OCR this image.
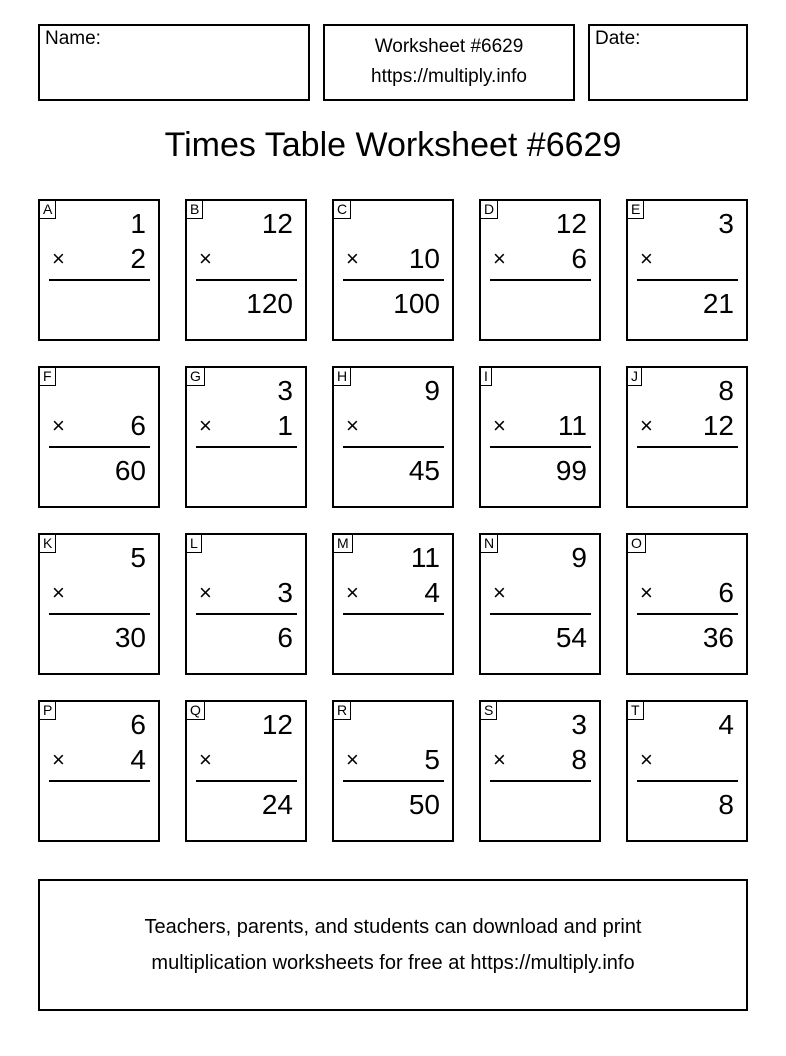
Name:	Worksheet #6629
https://multiply.info
Date:
Times Table Worksheet #6629
A	1
× 2
B 12
×
120
C
× 10
100
D 12
× 6
E	3
×
21
F
× 6
60
G	3
× 1
H	9
×
45
I
× 11
99
J	8
× 12
K	5
×
30
L
× 3
6
M 11
× 4
N	9
×
54
O
× 6
36
P	6
× 4
Q 12
×
24
R
× 5
50
S	3
× 8
T	4
×
8
Teachers, parents, and students can download and print
multiplication worksheets for free at https://multiply.info
